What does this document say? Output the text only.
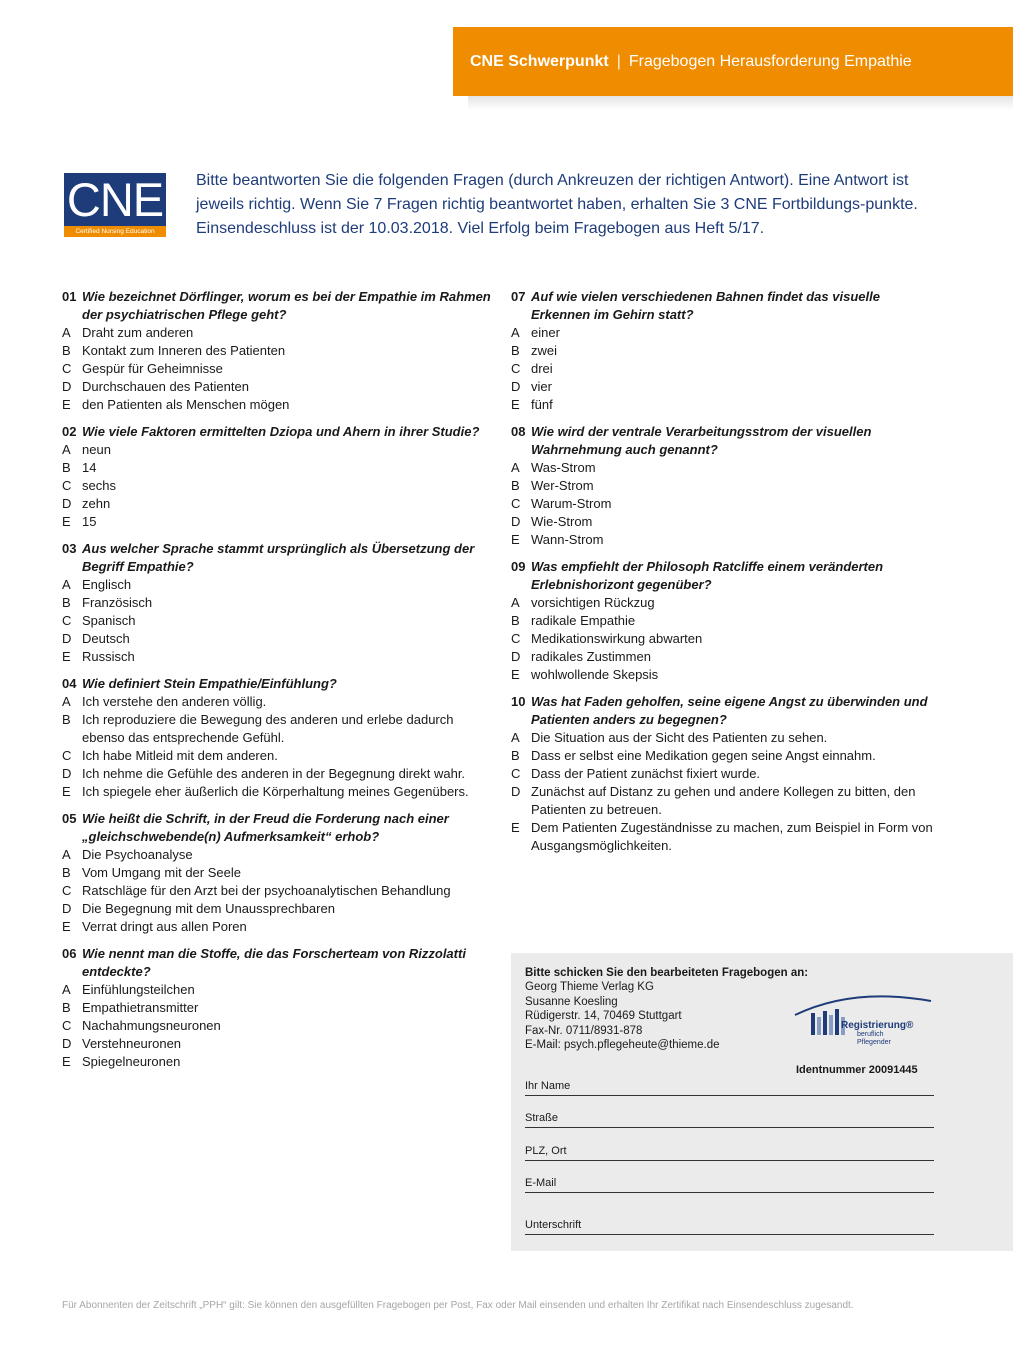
CNE Schwerpunkt | Fragebogen Herausforderung Empathie
CNE
Certified Nursing Education
Bitte beantworten Sie die folgenden Fragen (durch Ankreuzen der richtigen Antwort). Eine Antwort ist jeweils richtig. Wenn Sie 7 Fragen richtig beantwortet haben, erhalten Sie 3 CNE Fortbildungs-punkte. Einsendeschluss ist der 10.03.2018. Viel Erfolg beim Fragebogen aus Heft 5/17.
01 Wie bezeichnet Dörflinger, worum es bei der Empathie im Rahmen der psychiatrischen Pflege geht?
A Draht zum anderen
B Kontakt zum Inneren des Patienten
C Gespür für Geheimnisse
D Durchschauen des Patienten
E den Patienten als Menschen mögen
02 Wie viele Faktoren ermittelten Dziopa und Ahern in ihrer Studie?
A neun
B 14
C sechs
D zehn
E 15
03 Aus welcher Sprache stammt ursprünglich als Übersetzung der Begriff Empathie?
A Englisch
B Französisch
C Spanisch
D Deutsch
E Russisch
04 Wie definiert Stein Empathie/Einfühlung?
A Ich verstehe den anderen völlig.
B Ich reproduziere die Bewegung des anderen und erlebe dadurch ebenso das entsprechende Gefühl.
C Ich habe Mitleid mit dem anderen.
D Ich nehme die Gefühle des anderen in der Begegnung direkt wahr.
E Ich spiegele eher äußerlich die Körperhaltung meines Gegenübers.
05 Wie heißt die Schrift, in der Freud die Forderung nach einer „gleichschwebende(n) Aufmerksamkeit“ erhob?
A Die Psychoanalyse
B Vom Umgang mit der Seele
C Ratschläge für den Arzt bei der psychoanalytischen Behandlung
D Die Begegnung mit dem Unaussprechbaren
E Verrat dringt aus allen Poren
06 Wie nennt man die Stoffe, die das Forscherteam von Rizzolatti entdeckte?
A Einfühlungsteilchen
B Empathietransmitter
C Nachahmungsneuronen
D Verstehneuronen
E Spiegelneuronen
07 Auf wie vielen verschiedenen Bahnen findet das visuelle Erkennen im Gehirn statt?
A einer
B zwei
C drei
D vier
E fünf
08 Wie wird der ventrale Verarbeitungsstrom der visuellen Wahrnehmung auch genannt?
A Was-Strom
B Wer-Strom
C Warum-Strom
D Wie-Strom
E Wann-Strom
09 Was empfiehlt der Philosoph Ratcliffe einem veränderten Erlebnishorizont gegenüber?
A vorsichtigen Rückzug
B radikale Empathie
C Medikationswirkung abwarten
D radikales Zustimmen
E wohlwollende Skepsis
10 Was hat Faden geholfen, seine eigene Angst zu überwinden und Patienten anders zu begegnen?
A Die Situation aus der Sicht des Patienten zu sehen.
B Dass er selbst eine Medikation gegen seine Angst einnahm.
C Dass der Patient zunächst fixiert wurde.
D Zunächst auf Distanz zu gehen und andere Kollegen zu bitten, den Patienten zu betreuen.
E Dem Patienten Zugeständnisse zu machen, zum Beispiel in Form von Ausgangsmöglichkeiten.
Bitte schicken Sie den bearbeiteten Fragebogen an:
Georg Thieme Verlag KG
Susanne Koesling
Rüdigerstr. 14, 70469 Stuttgart
Fax-Nr. 0711/8931-878
E-Mail: psych.pflegeheute@thieme.de
Registrierung®
beruflich
Pflegender
Identnummer 20091445
Ihr Name
Straße
PLZ, Ort
E-Mail
Unterschrift
Für Abonnenten der Zeitschrift „PPH“ gilt: Sie können den ausgefüllten Fragebogen per Post, Fax oder Mail einsenden und erhalten Ihr Zertifikat nach Einsendeschluss zugesandt.
